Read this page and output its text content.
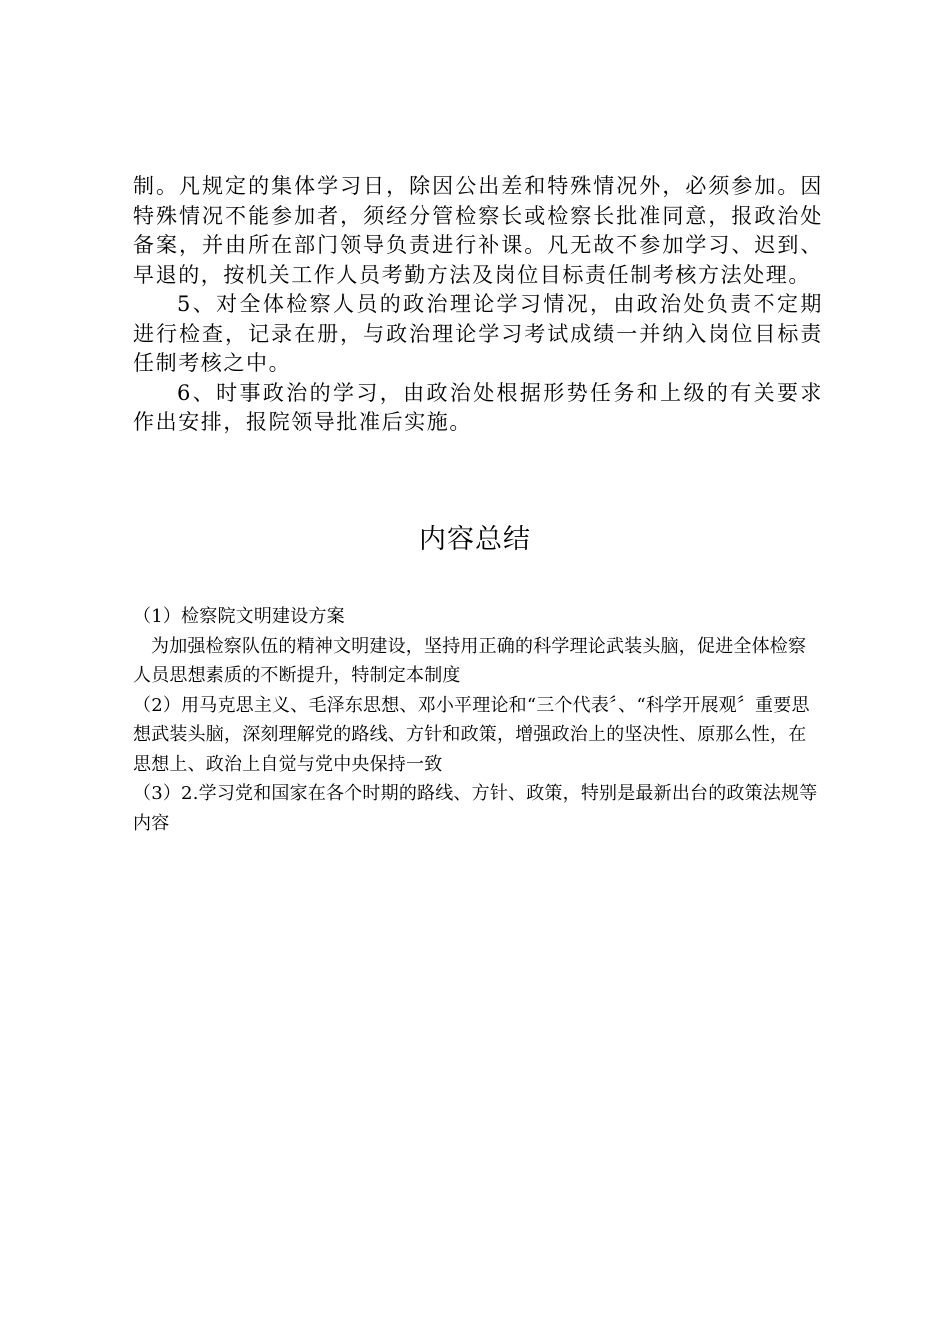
制。凡规定的集体学习日，除因公出差和特殊情况外，必须参加。因特殊情况不能参加者，须经分管检察长或检察长批准同意，报政治处备案，并由所在部门领导负责进行补课。凡无故不参加学习、迟到、早退的，按机关工作人员考勤方法及岗位目标责任制考核方法处理。

5、对全体检察人员的政治理论学习情况，由政治处负责不定期进行检查，记录在册，与政治理论学习考试成绩一并纳入岗位目标责任制考核之中。

6、时事政治的学习，由政治处根据形势任务和上级的有关要求作出安排，报院领导批准后实施。

内容总结

（1）检察院文明建设方案

为加强检察队伍的精神文明建设，坚持用正确的科学理论武装头脑，促进全体检察人员思想素质的不断提升，特制定本制度

（2）用马克思主义、毛泽东思想、邓小平理论和“三个代表〞、“科学开展观〞重要思想武装头脑，深刻理解党的路线、方针和政策，增强政治上的坚决性、原那么性，在思想上、政治上自觉与党中央保持一致

（3）2.学习党和国家在各个时期的路线、方针、政策，特别是最新出台的政策法规等内容
